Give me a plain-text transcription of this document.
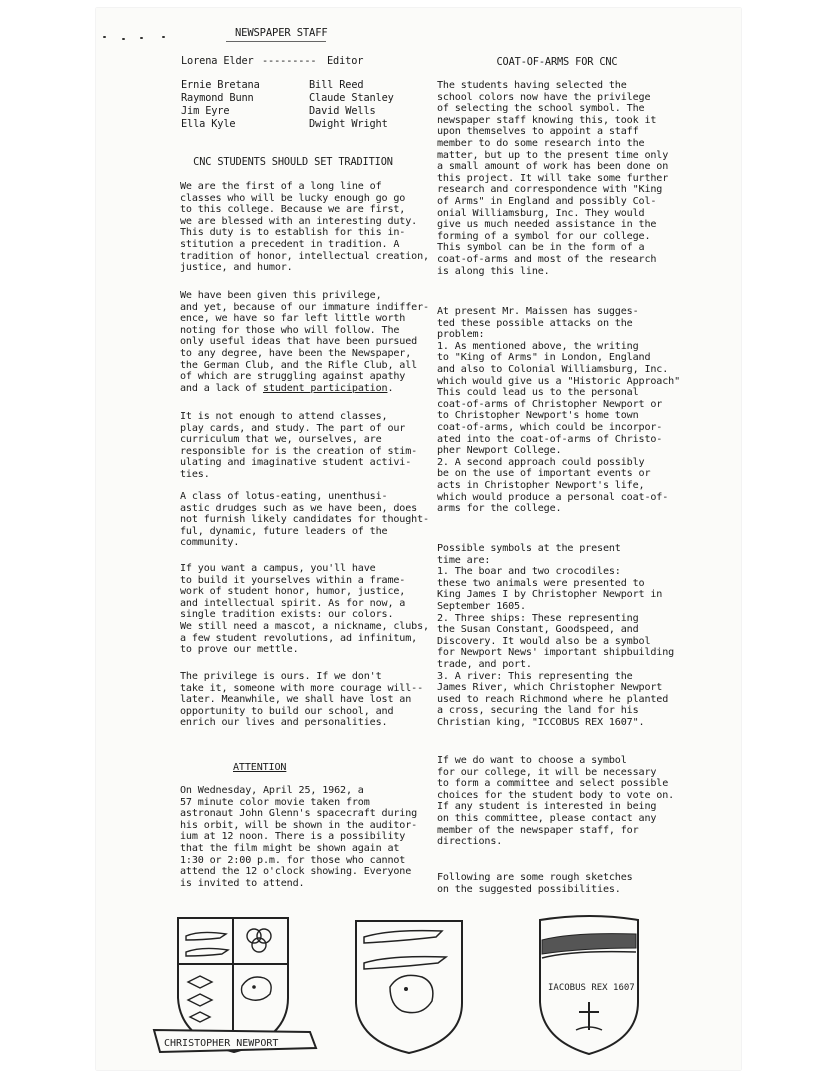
NEWSPAPER STAFF
Lorena Elder --------- Editor
Ernie Bretana
Raymond Bunn
Jim Eyre
Ella Kyle
Bill Reed
Claude Stanley
David Wells
Dwight Wright
CNC STUDENTS SHOULD SET TRADITION

We are the first of a long line of
classes who will be lucky enough go go
to this college. Because we are first,
we are blessed with an interesting duty.
This duty is to establish for this in-
stitution a precedent in tradition. A
tradition of honor, intellectual creation,
justice, and humor.

We have been given this privilege,
and yet, because of our immature indiffer-
ence, we have so far left little worth
noting for those who will follow. The
only useful ideas that have been pursued
to any degree, have been the Newspaper,
the German Club, and the Rifle Club, all
of which are struggling against apathy
and a lack of student participation.

It is not enough to attend classes,
play cards, and study. The part of our
curriculum that we, ourselves, are
responsible for is the creation of stim-
ulating and imaginative student activi-
ties.

A class of lotus-eating, unenthusi-
astic drudges such as we have been, does
not furnish likely candidates for thought-
ful, dynamic, future leaders of the
community.

If you want a campus, you'll have
to build it yourselves within a frame-
work of student honor, humor, justice,
and intellectual spirit. As for now, a
single tradition exists: our colors.
We still need a mascot, a nickname, clubs,
a few student revolutions, ad infinitum,
to prove our mettle.

The privilege is ours. If we don't
take it, someone with more courage will--
later. Meanwhile, we shall have lost an
opportunity to build our school, and
enrich our lives and personalities.

ATTENTION

On Wednesday, April 25, 1962, a
57 minute color movie taken from
astronaut John Glenn's spacecraft during
his orbit, will be shown in the auditor-
ium at 12 noon. There is a possibility
that the film might be shown again at
1:30 or 2:00 p.m. for those who cannot
attend the 12 o'clock showing. Everyone
is invited to attend.

COAT-OF-ARMS FOR CNC

The students having selected the
school colors now have the privilege
of selecting the school symbol. The
newspaper staff knowing this, took it
upon themselves to appoint a staff
member to do some research into the
matter, but up to the present time only
a small amount of work has been done on
this project. It will take some further
research and correspondence with "King
of Arms" in England and possibly Col-
onial Williamsburg, Inc. They would
give us much needed assistance in the
forming of a symbol for our college.
This symbol can be in the form of a
coat-of-arms and most of the research
is along this line.

At present Mr. Maissen has sugges-
ted these possible attacks on the
problem:
1. As mentioned above, the writing
to "King of Arms" in London, England
and also to Colonial Williamsburg, Inc.
which would give us a "Historic Approach"
This could lead us to the personal
coat-of-arms of Christopher Newport or
to Christopher Newport's home town
coat-of-arms, which could be incorpor-
ated into the coat-of-arms of Christo-
pher Newport College.
2. A second approach could possibly
be on the use of important events or
acts in Christopher Newport's life,
which would produce a personal coat-of-
arms for the college.

Possible symbols at the present
time are:
1. The boar and two crocodiles:
these two animals were presented to
King James I by Christopher Newport in
September 1605.
2. Three ships: These representing
the Susan Constant, Goodspeed, and
Discovery. It would also be a symbol
for Newport News' important shipbuilding
trade, and port.
3. A river: This representing the
James River, which Christopher Newport
used to reach Richmond where he planted
a cross, securing the land for his
Christian king, "ICCOBUS REX 1607".

If we do want to choose a symbol
for our college, it will be necessary
to form a committee and select possible
choices for the student body to vote on.
If any student is interested in being
on this committee, please contact any
member of the newspaper staff, for
directions.

Following are some rough sketches
on the suggested possibilities.

CHRISTOPHER NEWPORT
IACOBUS REX 1607
